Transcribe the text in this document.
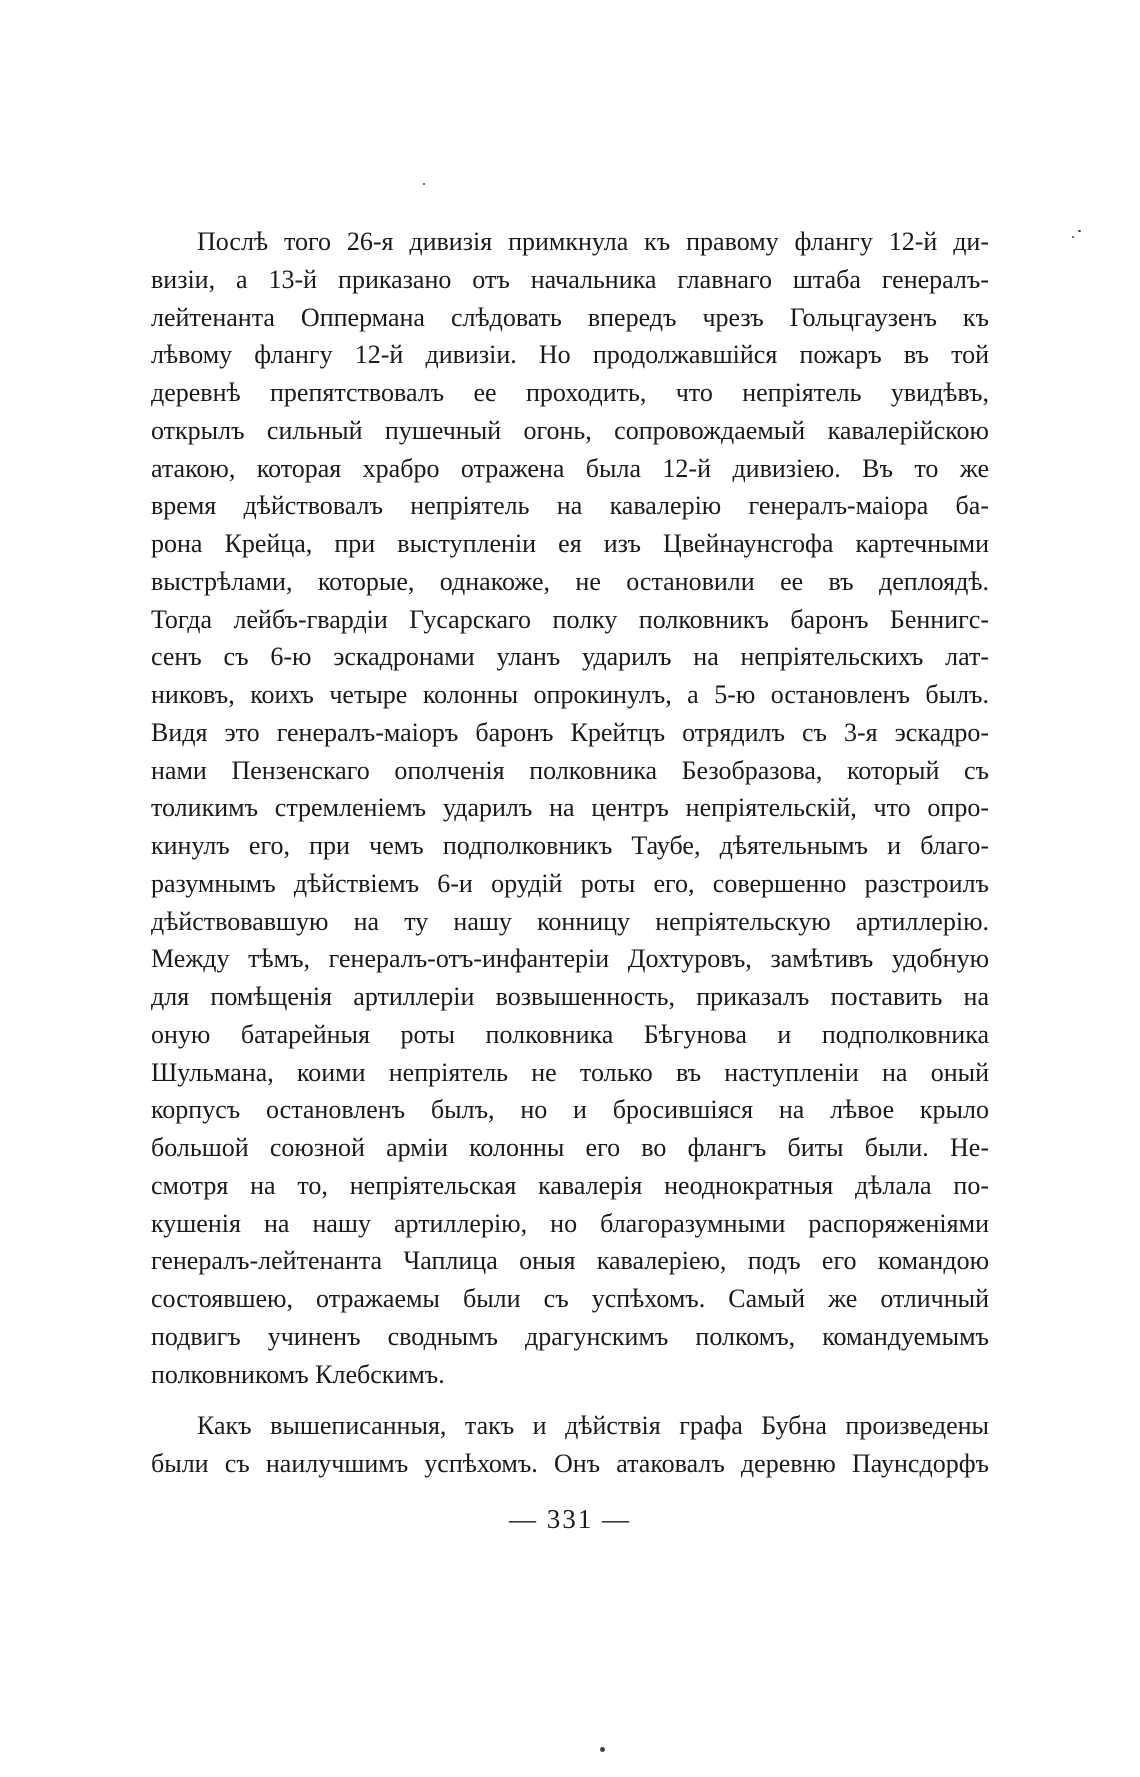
Послѣ того 26-я дивизія примкнула къ правому флангу 12-й ди-
визіи, а 13-й приказано отъ начальника главнаго штаба генералъ-
лейтенанта Оппермана слѣдовать впередъ чрезъ Гольцгаузенъ къ
лѣвому флангу 12-й дивизіи. Но продолжавшійся пожаръ въ той
деревнѣ препятствовалъ ее проходить, что непріятель увидѣвъ,
открылъ сильный пушечный огонь, сопровождаемый кавалерійскою
атакою, которая храбро отражена была 12-й дивизіею. Въ то же
время дѣйствовалъ непріятель на кавалерію генералъ-маіора ба-
рона Крейца, при выступленіи ея изъ Цвейнаунсгофа картечными
выстрѣлами, которые, однакоже, не остановили ее въ деплоядѣ.
Тогда лейбъ-гвардіи Гусарскаго полку полковникъ баронъ Беннигс-
сенъ съ 6-ю эскадронами уланъ ударилъ на непріятельскихъ лат-
никовъ, коихъ четыре колонны опрокинулъ, а 5-ю остановленъ былъ.
Видя это генералъ-маіоръ баронъ Крейтцъ отрядилъ съ 3-я эскадро-
нами Пензенскаго ополченія полковника Безобразова, который съ
толикимъ стремленіемъ ударилъ на центръ непріятельскій, что опро-
кинулъ его, при чемъ подполковникъ Таубе, дѣятельнымъ и благо-
разумнымъ дѣйствіемъ 6-и орудій роты его, совершенно разстроилъ
дѣйствовавшую на ту нашу конницу непріятельскую артиллерію.
Между тѣмъ, генералъ-отъ-инфантеріи Дохтуровъ, замѣтивъ удобную
для помѣщенія артиллеріи возвышенность, приказалъ поставить на
оную батарейныя роты полковника Бѣгунова и подполковника
Шульмана, коими непріятель не только въ наступленіи на оный
корпусъ остановленъ былъ, но и бросившіяся на лѣвое крыло
большой союзной арміи колонны его во флангъ биты были. Не-
смотря на то, непріятельская кавалерія неоднократныя дѣлала по-
кушенія на нашу артиллерію, но благоразумными распоряженіями
генералъ-лейтенанта Чаплица оныя кавалеріею, подъ его командою
состоявшею, отражаемы были съ успѣхомъ. Самый же отличный
подвигъ учиненъ своднымъ драгунскимъ полкомъ, командуемымъ
полковникомъ Клебскимъ.
Какъ вышеписанныя, такъ и дѣйствія графа Бубна произведены
были съ наилучшимъ успѣхомъ. Онъ атаковалъ деревню Паунсдорфъ
— 331 —
